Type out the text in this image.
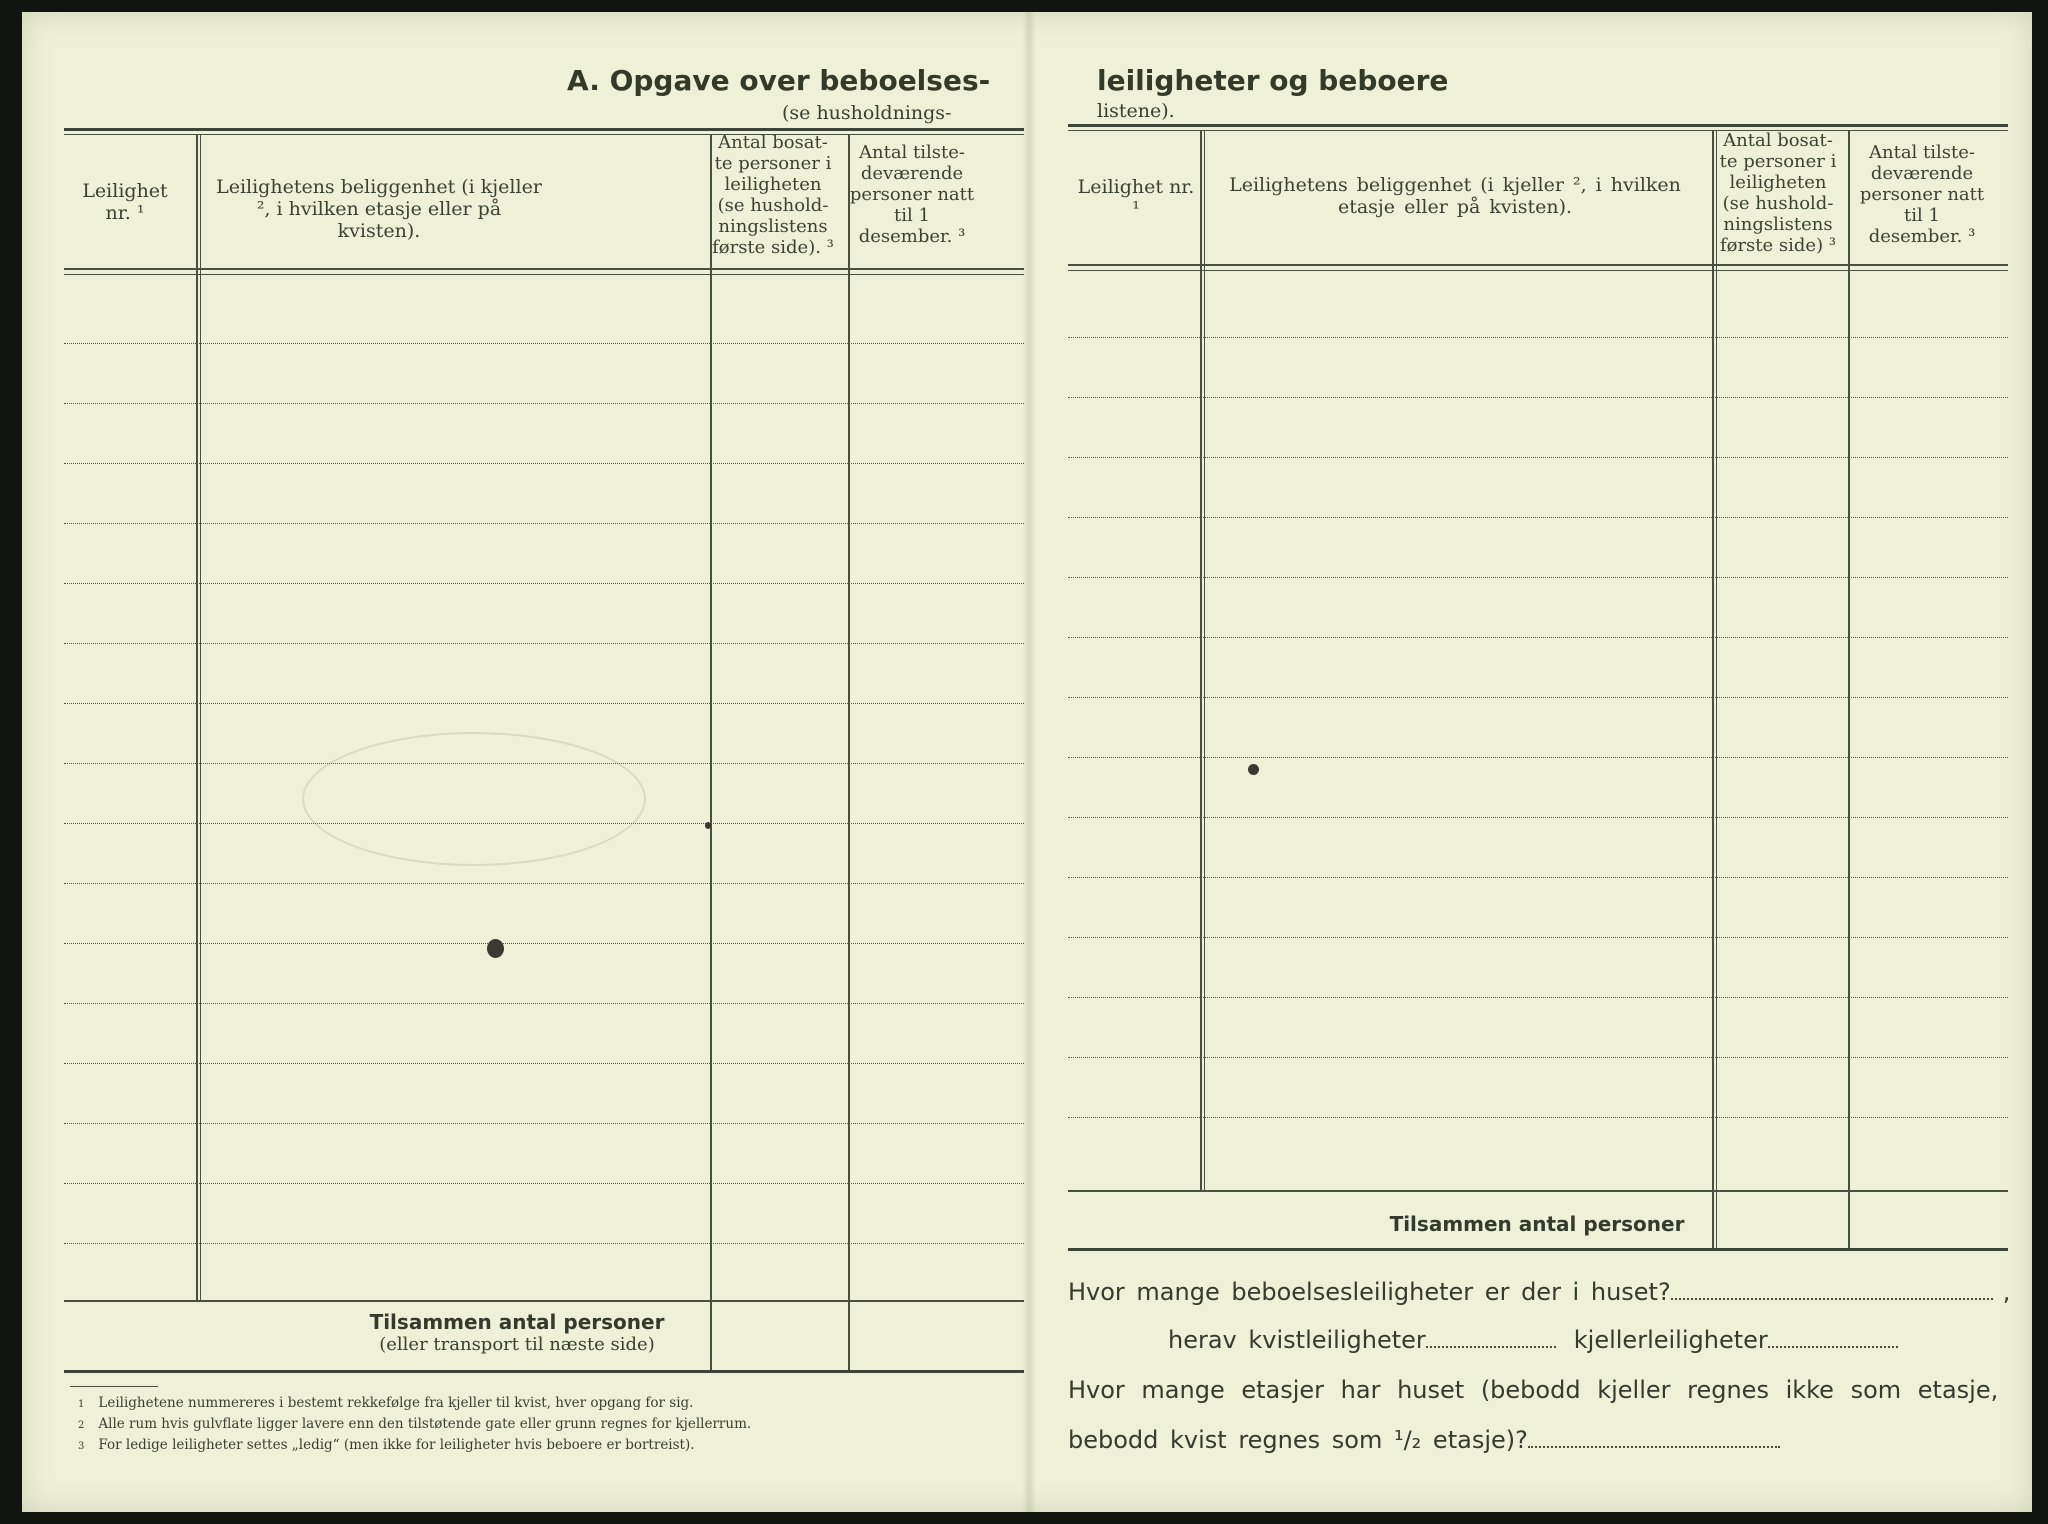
A. Opgave over beboelses-
(se husholdnings-
Leilighet nr. ¹
Leilighetens beliggenhet (i kjeller ², i hvilken etasje eller på kvisten).
Antal bosat-te personer i leiligheten (se hushold-ningslistens første side). ³
Antal tilste-deværende personer natt til 1 desember. ³
Tilsammen antal personer
(eller transport til næste side)
1 Leilighetene nummereres i bestemt rekkefølge fra kjeller til kvist, hver opgang for sig.
2 Alle rum hvis gulvflate ligger lavere enn den tilstøtende gate eller grunn regnes for kjellerrum.
3 For ledige leiligheter settes „ledig“ (men ikke for leiligheter hvis beboere er bortreist).
leiligheter og beboere
listene).
Leilighet nr. ¹
Leilighetens beliggenhet (i kjeller ², i hvilken etasje eller på kvisten).
Antal bosat-te personer i leiligheten (se hushold-ningslistens første side) ³
Antal tilste-deværende personer natt til 1 desember. ³
Tilsammen antal personer
Hvor mange beboelsesleiligheter er der i huset?	,
herav kvistleiligheter	kjellerleiligheter
Hvor mange etasjer har huset (bebodd kjeller regnes ikke som etasje,
bebodd kvist regnes som ¹/₂ etasje)?
